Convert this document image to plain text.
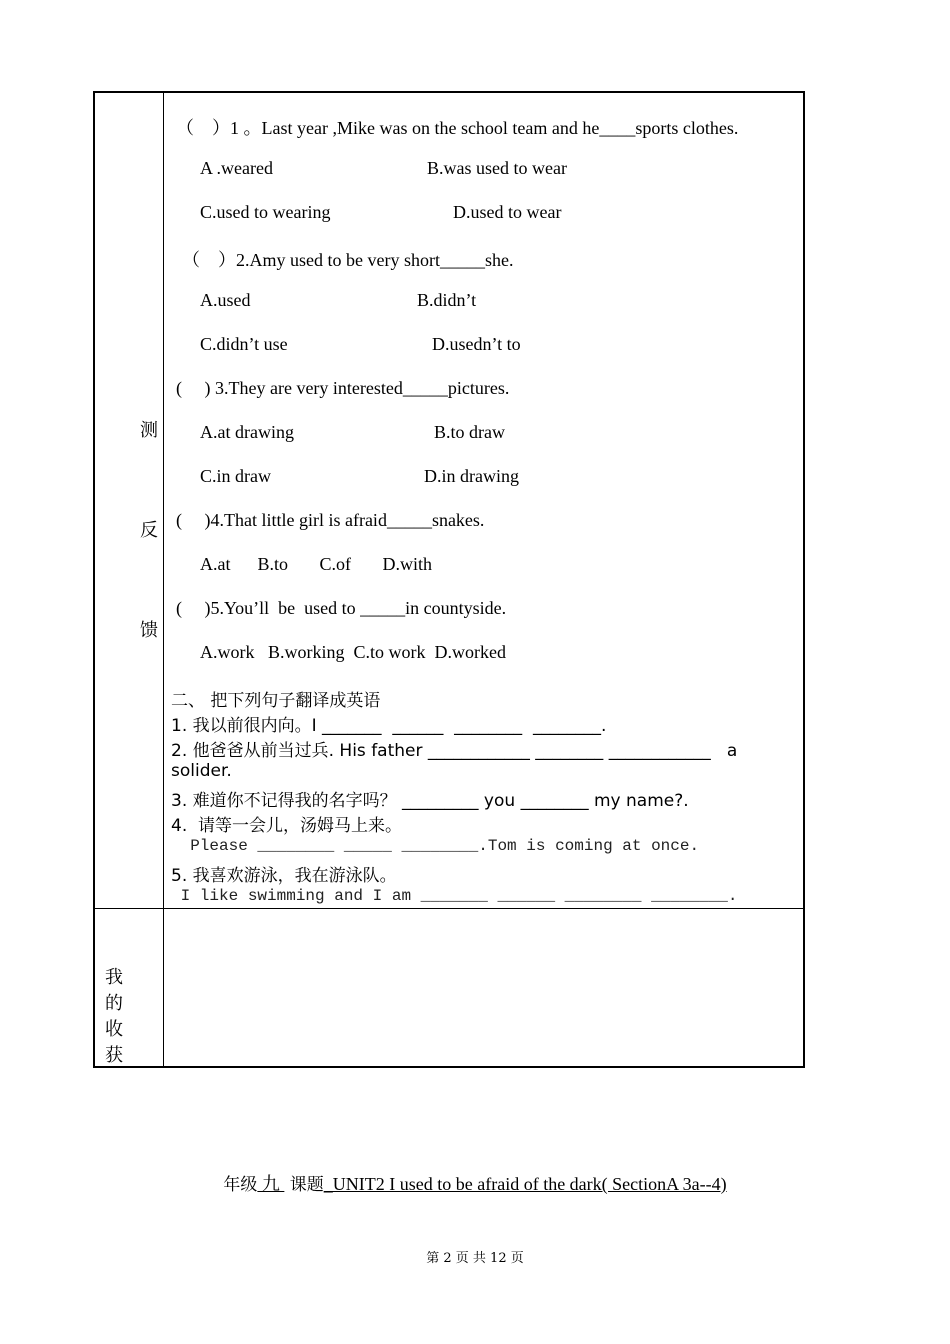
测
反
馈
我 的
收 获
（    ）1 。Last year ,Mike was on the school team and he____sports clothes.
A .weared	B.was used to wear
C.used to wearing	D.used to wear
（    ）2.Amy used to be very short_____she.
A.used	B.didn’t
C.didn’t use	D.usedn’t to
(     ) 3.They are very interested_____pictures.
A.at drawing	B.to draw
C.in draw	D.in drawing
(     )4.That little girl is afraid_____snakes.
A.at      B.to       C.of       D.with
(     )5.You’ll  be  used to _____in countyside.
A.work   B.working  C.to work  D.worked
二、 把下列句子翻译成英语
1. 我以前很内向。I _______  ______  ________  ________.
2. 他爸爸从前当过兵. His father ____________ ________ ____________   a
solider.
3. 难道你不记得我的名字吗？ _________ you ________ my name?.
4.  请等一会儿，汤姆马上来。
Please ________ _____ ________.Tom is coming at once.
5. 我喜欢游泳，我在游泳队。
I like swimming and I am _______ ______ ________ ________.
年级 九  课题_UNIT2 I used to be afraid of the dark( SectionA 3a--4)
第 2 页 共 12 页
